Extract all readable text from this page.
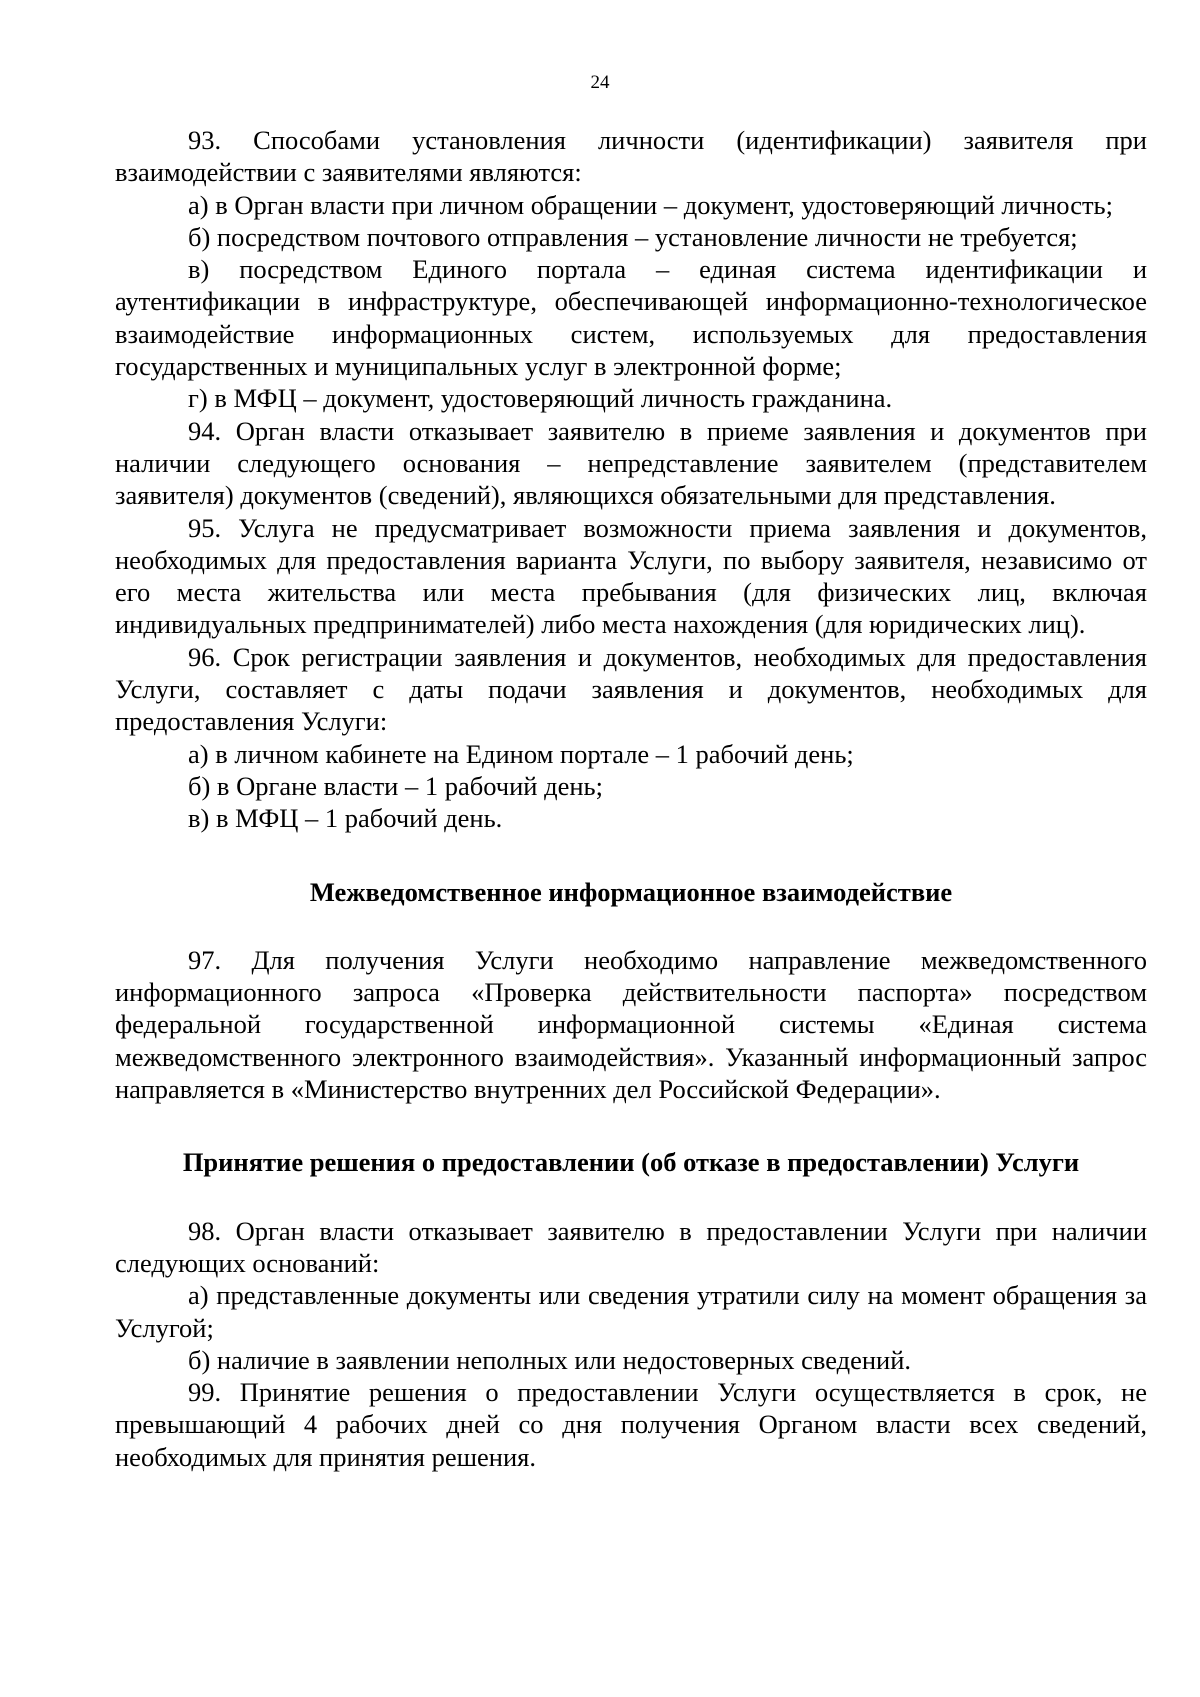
24

93. Способами установления личности (идентификации) заявителя при взаимодействии с заявителями являются:

а) в Орган власти при личном обращении – документ, удостоверяющий личность;

б) посредством почтового отправления – установление личности не требуется;

в) посредством Единого портала – единая система идентификации и аутентификации в инфраструктуре, обеспечивающей информационно-технологическое взаимодействие информационных систем, используемых для предоставления государственных и муниципальных услуг в электронной форме;

г) в МФЦ – документ, удостоверяющий личность гражданина.

94. Орган власти отказывает заявителю в приеме заявления и документов при наличии следующего основания – непредставление заявителем (представителем заявителя) документов (сведений), являющихся обязательными для представления.

95. Услуга не предусматривает возможности приема заявления и документов, необходимых для предоставления варианта Услуги, по выбору заявителя, независимо от его места жительства или места пребывания (для физических лиц, включая индивидуальных предпринимателей) либо места нахождения (для юридических лиц).

96. Срок регистрации заявления и документов, необходимых для предоставления Услуги, составляет с даты подачи заявления и документов, необходимых для предоставления Услуги:

а) в личном кабинете на Едином портале – 1 рабочий день;

б) в Органе власти – 1 рабочий день;

в) в МФЦ – 1 рабочий день.

Межведомственное информационное взаимодействие

97. Для получения Услуги необходимо направление межведомственного информационного запроса «Проверка действительности паспорта» посредством федеральной государственной информационной системы «Единая система межведомственного электронного взаимодействия». Указанный информационный запрос направляется в «Министерство внутренних дел Российской Федерации».

Принятие решения о предоставлении (об отказе в предоставлении) Услуги

98. Орган власти отказывает заявителю в предоставлении Услуги при наличии следующих оснований:

а) представленные документы или сведения утратили силу на момент обращения за Услугой;

б) наличие в заявлении неполных или недостоверных сведений.

99. Принятие решения о предоставлении Услуги осуществляется в срок, не превышающий 4 рабочих дней со дня получения Органом власти всех сведений, необходимых для принятия решения.
